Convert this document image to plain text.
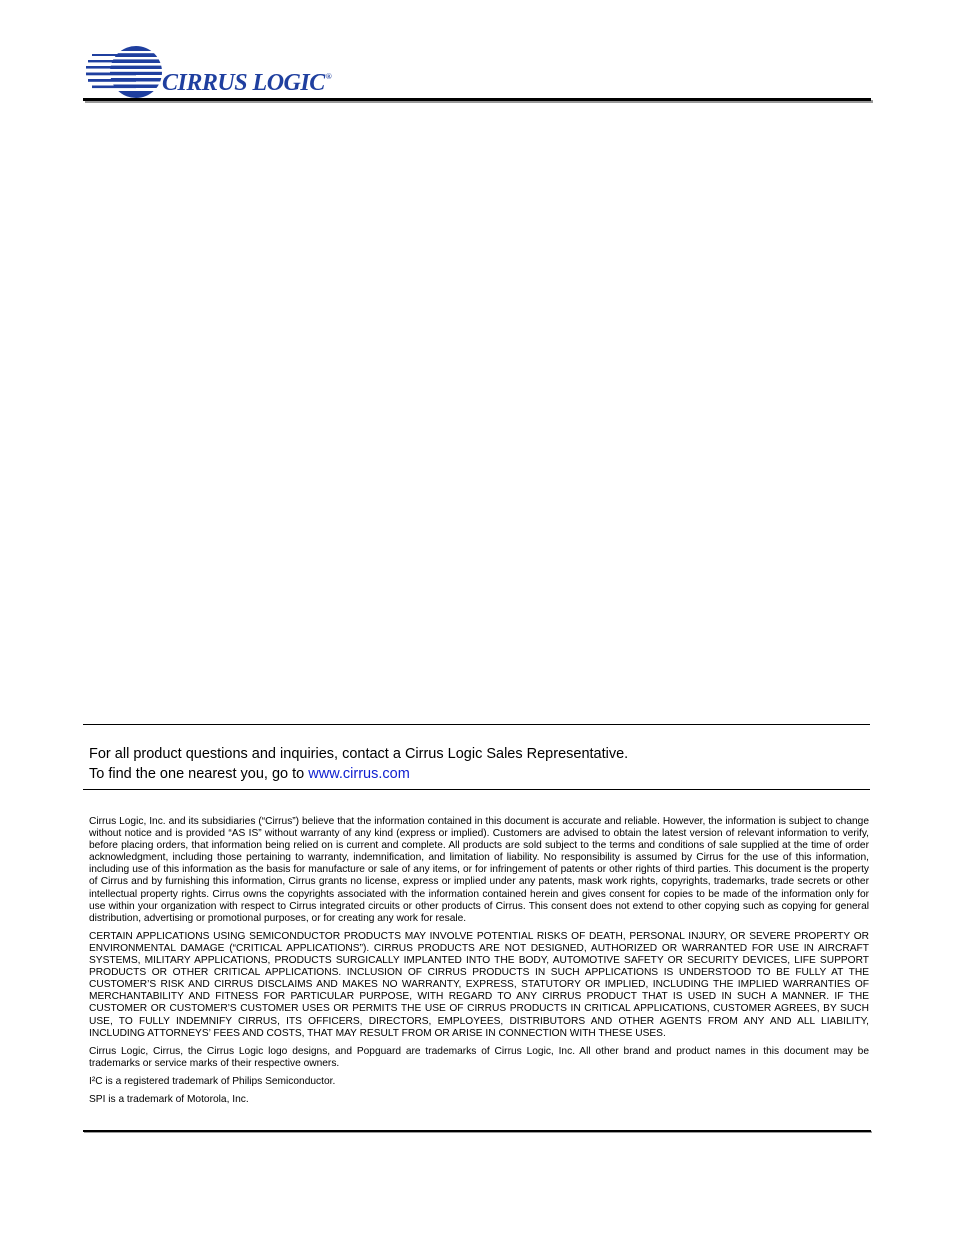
CIRRUS LOGIC®
For all product questions and inquiries, contact a Cirrus Logic Sales Representative.
To find the one nearest you, go to www.cirrus.com

Cirrus Logic, Inc. and its subsidiaries (“Cirrus”) believe that the information contained in this document is accurate and reliable. However, the information is subject to change without notice and is provided “AS IS” without warranty of any kind (express or implied). Customers are advised to obtain the latest version of relevant information to verify, before placing orders, that information being relied on is current and complete. All products are sold subject to the terms and conditions of sale supplied at the time of order acknowledgment, including those pertaining to warranty, indemnification, and limitation of liability. No responsibility is assumed by Cirrus for the use of this information, including use of this information as the basis for manufacture or sale of any items, or for infringement of patents or other rights of third parties. This document is the property of Cirrus and by furnishing this information, Cirrus grants no license, express or implied under any patents, mask work rights, copyrights, trademarks, trade secrets or other intellectual property rights. Cirrus owns the copyrights associated with the information contained herein and gives consent for copies to be made of the information only for use within your organization with respect to Cirrus integrated circuits or other products of Cirrus. This consent does not extend to other copying such as copying for general distribution, advertising or promotional purposes, or for creating any work for resale.

CERTAIN APPLICATIONS USING SEMICONDUCTOR PRODUCTS MAY INVOLVE POTENTIAL RISKS OF DEATH, PERSONAL INJURY, OR SEVERE PROPERTY OR ENVIRONMENTAL DAMAGE (“CRITICAL APPLICATIONS”). CIRRUS PRODUCTS ARE NOT DESIGNED, AUTHORIZED OR WARRANTED FOR USE IN AIRCRAFT SYSTEMS, MILITARY APPLICATIONS, PRODUCTS SURGICALLY IMPLANTED INTO THE BODY, AUTOMOTIVE SAFETY OR SECURITY DEVICES, LIFE SUPPORT PRODUCTS OR OTHER CRITICAL APPLICATIONS. INCLUSION OF CIRRUS PRODUCTS IN SUCH APPLICATIONS IS UNDERSTOOD TO BE FULLY AT THE CUSTOMER’S RISK AND CIRRUS DISCLAIMS AND MAKES NO WARRANTY, EXPRESS, STATUTORY OR IMPLIED, INCLUDING THE IMPLIED WARRANTIES OF MERCHANTABILITY AND FITNESS FOR PARTICULAR PURPOSE, WITH REGARD TO ANY CIRRUS PRODUCT THAT IS USED IN SUCH A MANNER. IF THE CUSTOMER OR CUSTOMER’S CUSTOMER USES OR PERMITS THE USE OF CIRRUS PRODUCTS IN CRITICAL APPLICATIONS, CUSTOMER AGREES, BY SUCH USE, TO FULLY INDEMNIFY CIRRUS, ITS OFFICERS, DIRECTORS, EMPLOYEES, DISTRIBUTORS AND OTHER AGENTS FROM ANY AND ALL LIABILITY, INCLUDING ATTORNEYS’ FEES AND COSTS, THAT MAY RESULT FROM OR ARISE IN CONNECTION WITH THESE USES.

Cirrus Logic, Cirrus, the Cirrus Logic logo designs, and Popguard are trademarks of Cirrus Logic, Inc. All other brand and product names in this document may be trademarks or service marks of their respective owners.

I²C is a registered trademark of Philips Semiconductor.

SPI is a trademark of Motorola, Inc.
